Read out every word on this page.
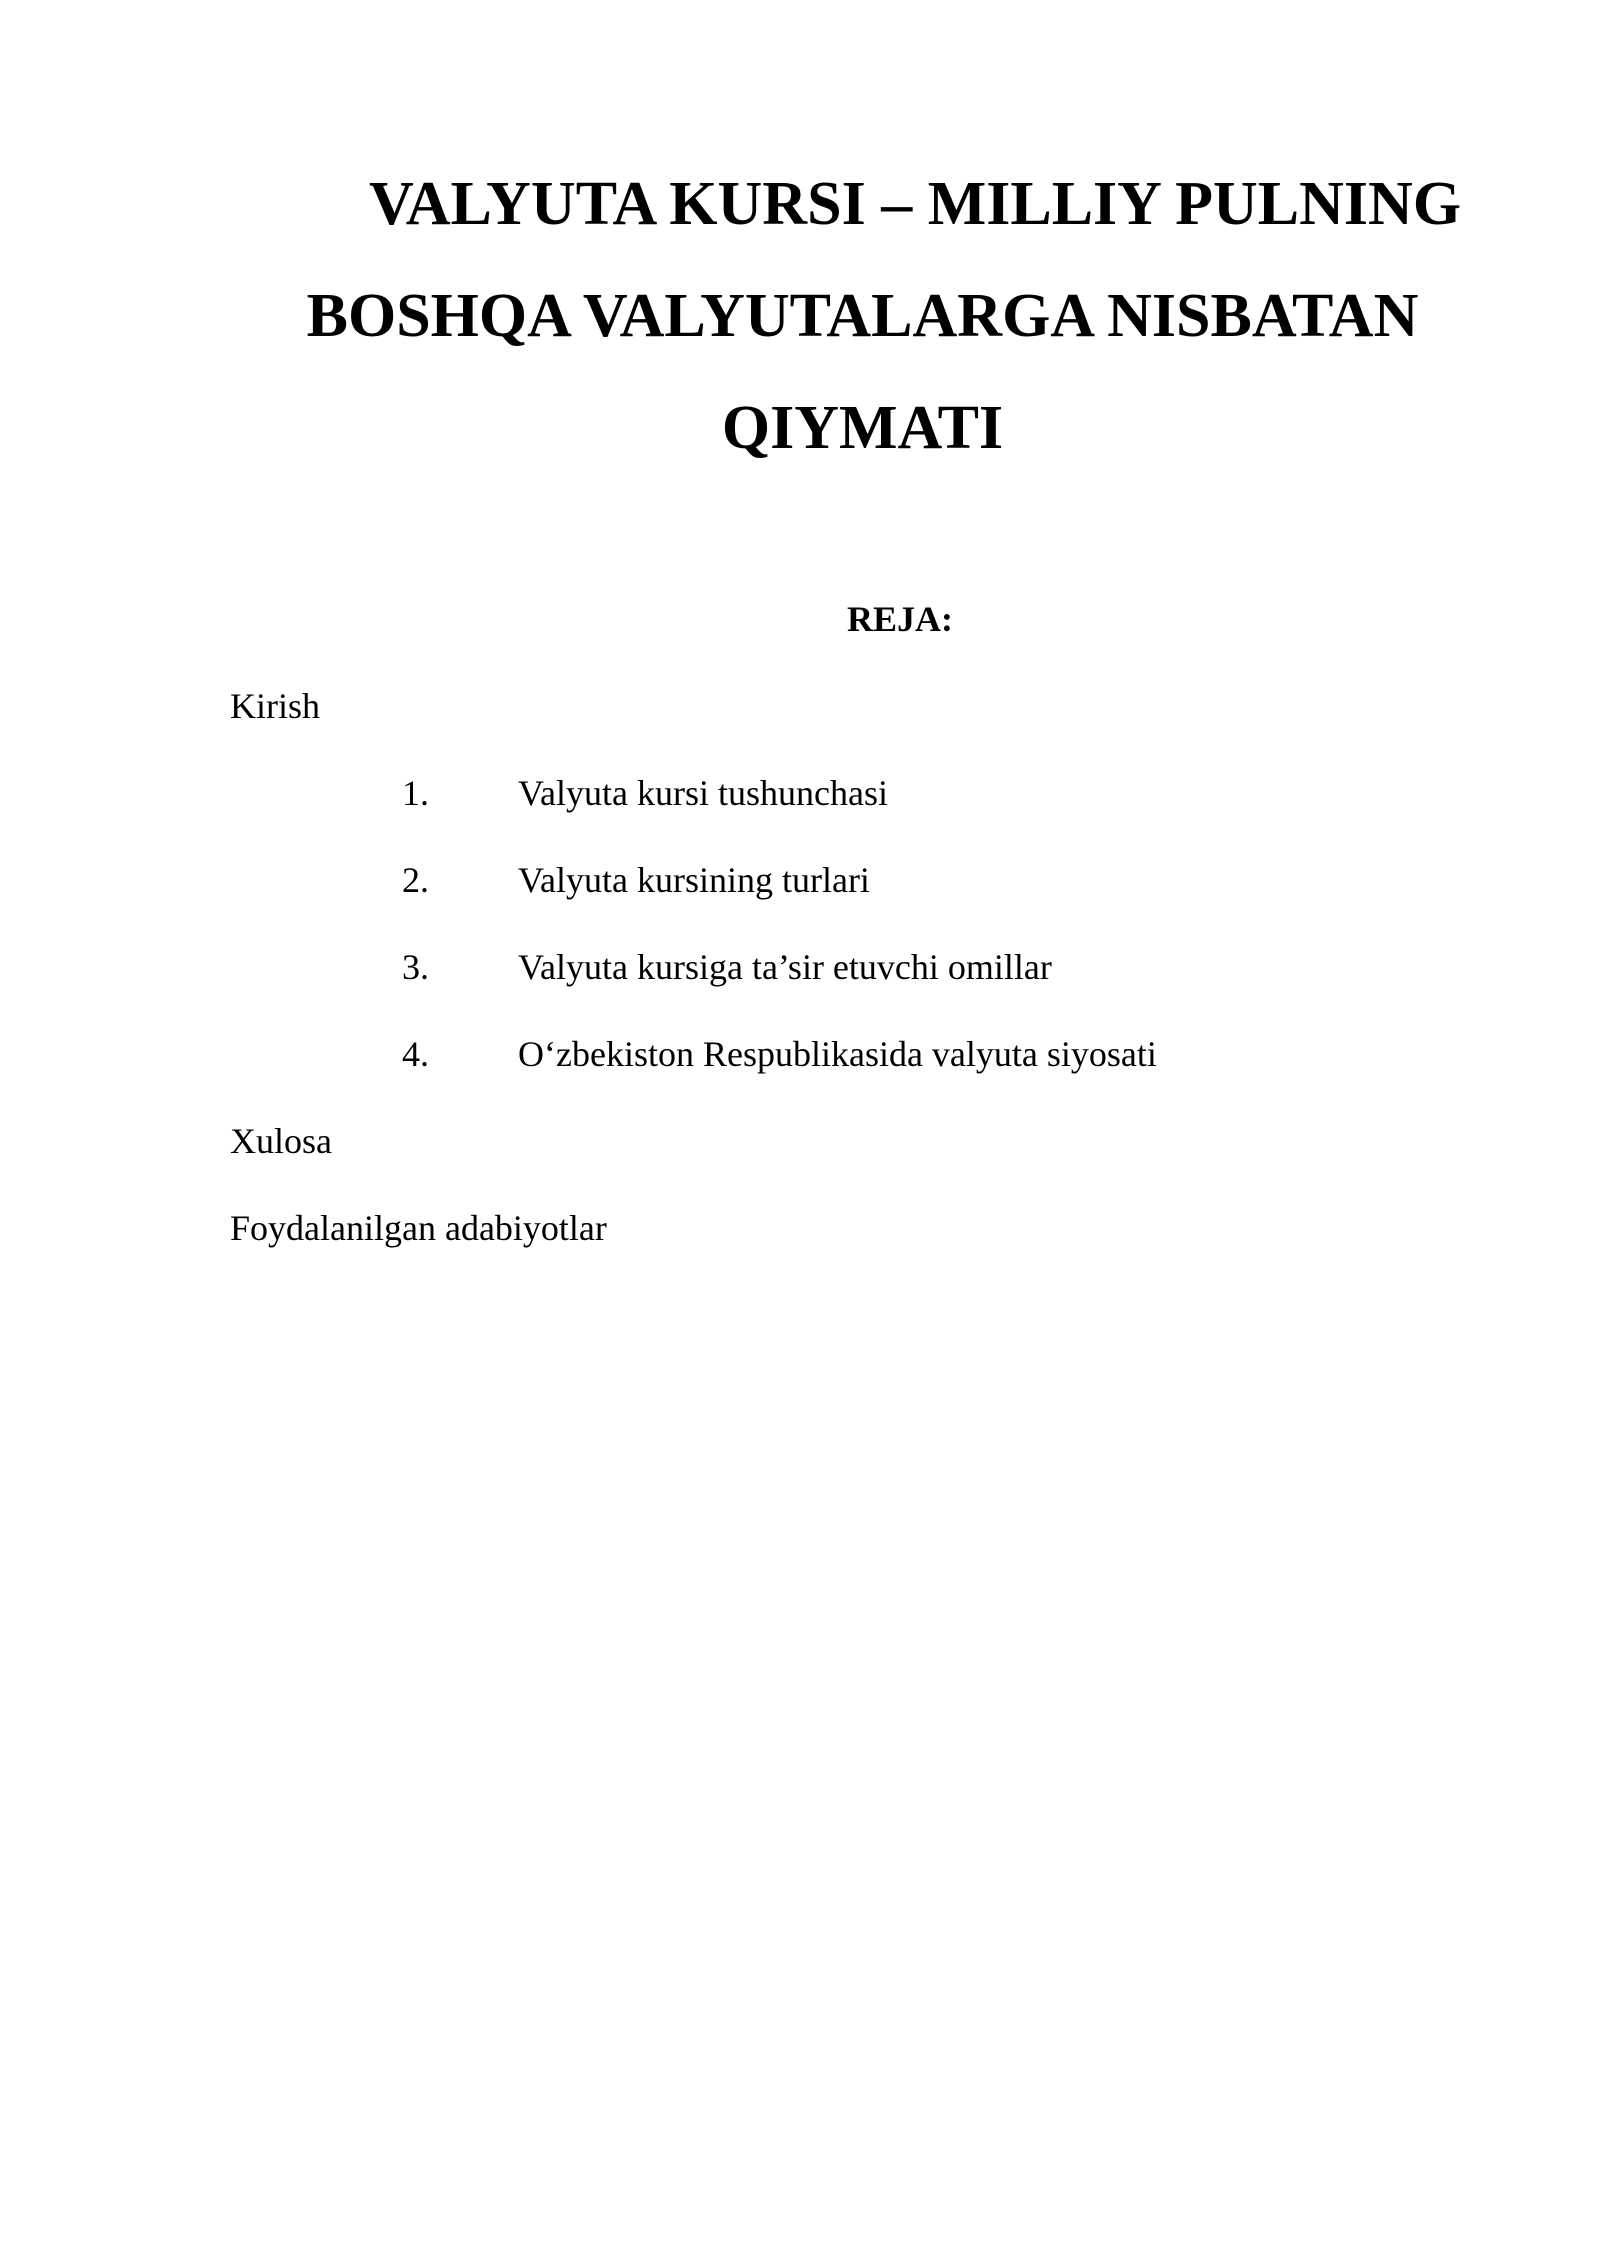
VALYUTA KURSI – MILLIY PULNING
BOSHQA VALYUTALARGA NISBATAN
QIYMATI

REJA:

Kirish

1. Valyuta kursi tushunchasi
2. Valyuta kursining turlari
3. Valyuta kursiga ta’sir etuvchi omillar
4. O‘zbekiston Respublikasida valyuta siyosati

Xulosa

Foydalanilgan adabiyotlar
